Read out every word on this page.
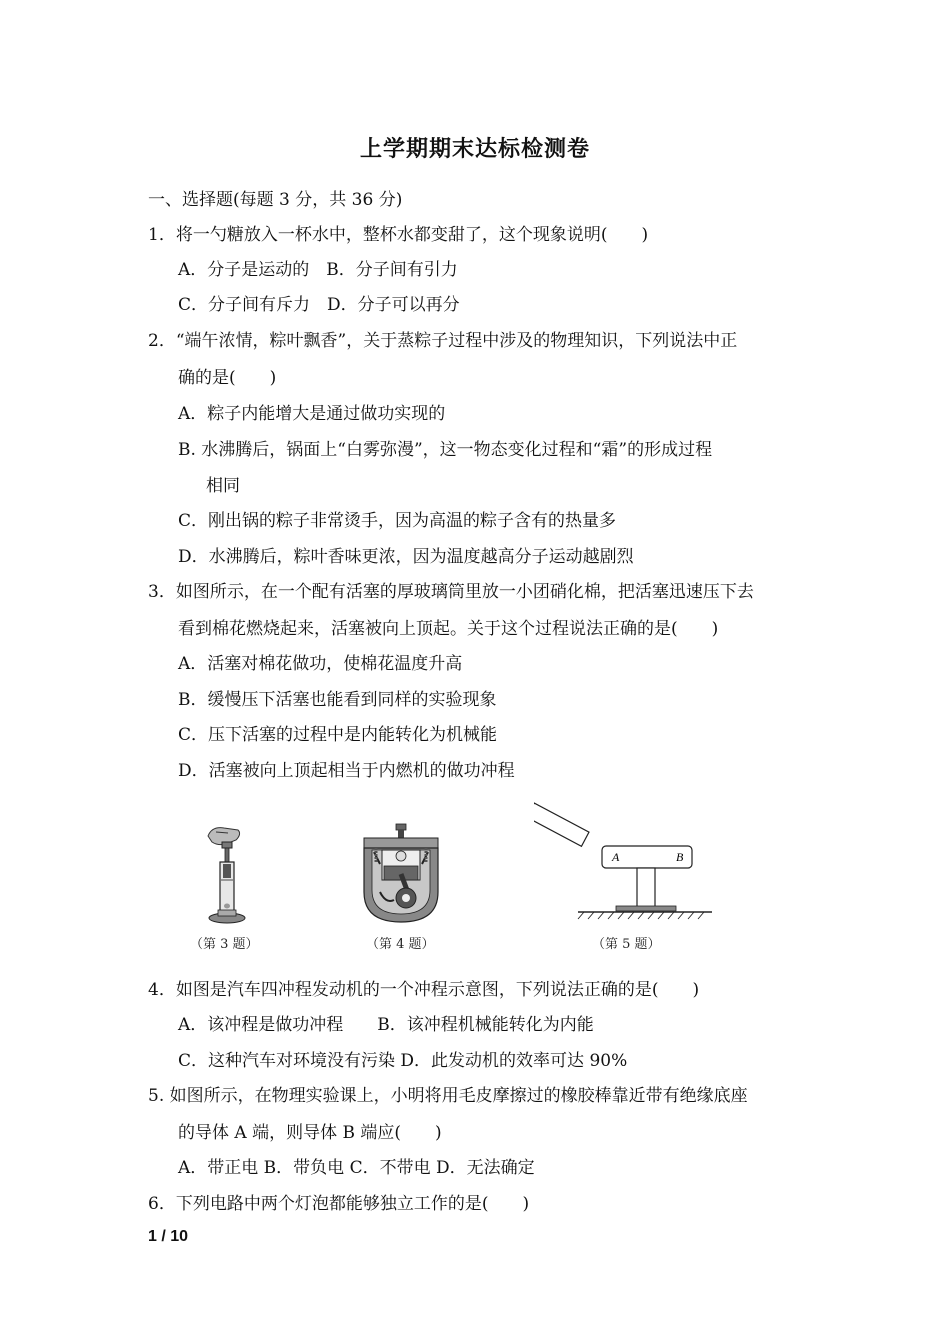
上学期期末达标检测卷
一、选择题(每题 3 分，共 36 分)
1．将一勺糖放入一杯水中，整杯水都变甜了，这个现象说明(　　)
A．分子是运动的　B．分子间有引力
C．分子间有斥力　D．分子可以再分
2．“端午浓情，粽叶飘香”，关于蒸粽子过程中涉及的物理知识，下列说法中正
确的是(　　)
A．粽子内能增大是通过做功实现的
B. 水沸腾后，锅面上“白雾弥漫”，这一物态变化过程和“霜”的形成过程
相同
C．刚出锅的粽子非常烫手，因为高温的粽子含有的热量多
D．水沸腾后，粽叶香味更浓，因为温度越高分子运动越剧烈
3．如图所示，在一个配有活塞的厚玻璃筒里放一小团硝化棉，把活塞迅速压下去
看到棉花燃烧起来，活塞被向上顶起。关于这个过程说法正确的是(　　)
A．活塞对棉花做功，使棉花温度升高
B．缓慢压下活塞也能看到同样的实验现象
C．压下活塞的过程中是内能转化为机械能
D．活塞被向上顶起相当于内燃机的做功冲程
（第 3 题）	（第 4 题）
A	B
（第 5 题）
4．如图是汽车四冲程发动机的一个冲程示意图，下列说法正确的是(　　)
A．该冲程是做功冲程　　B．该冲程机械能转化为内能
C．这种汽车对环境没有污染 D．此发动机的效率可达 90%
5. 如图所示，在物理实验课上，小明将用毛皮摩擦过的橡胶棒靠近带有绝缘底座
的导体 A 端，则导体 B 端应(　　)
A．带正电 B．带负电 C．不带电 D．无法确定
6．下列电路中两个灯泡都能够独立工作的是(　　)
1 / 10
